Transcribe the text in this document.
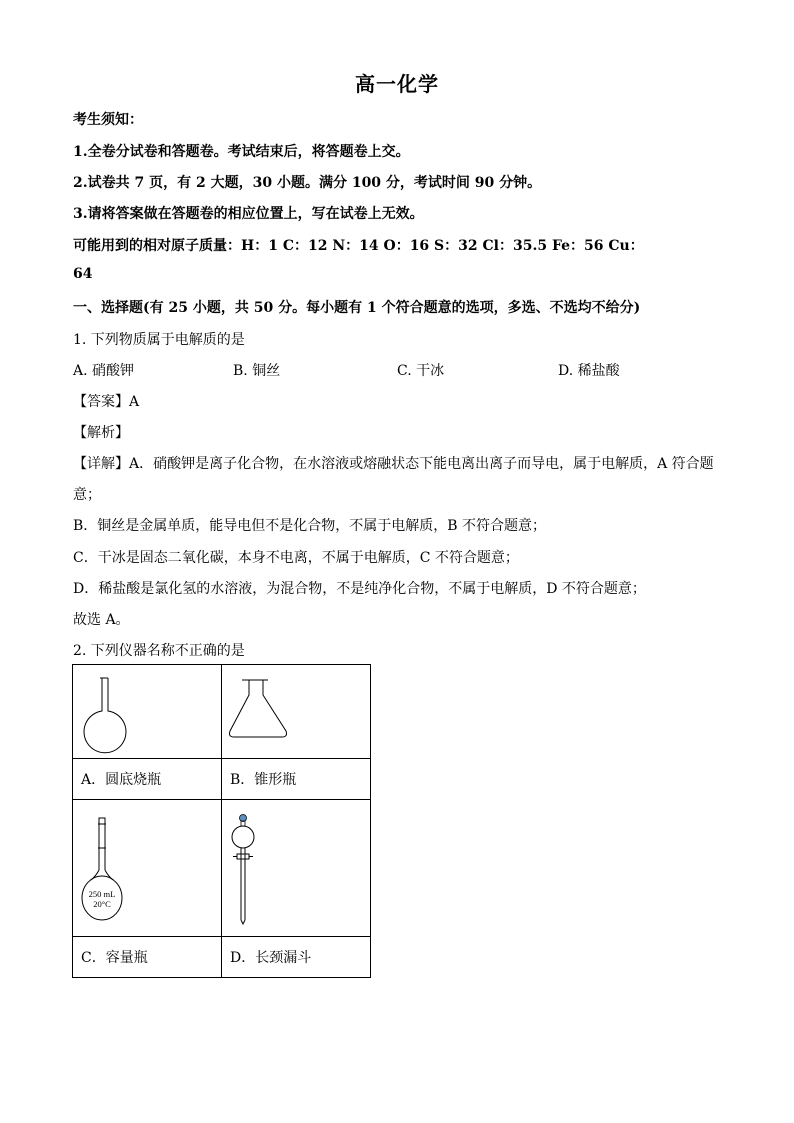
高一化学
考生须知：
1.全卷分试卷和答题卷。考试结束后，将答题卷上交。
2.试卷共 7 页，有 2 大题，30 小题。满分 100 分，考试时间 90 分钟。
3.请将答案做在答题卷的相应位置上，写在试卷上无效。
可能用到的相对原子质量：H：1 C：12 N：14 O：16 S：32 Cl：35.5 Fe：56 Cu：
64
一、选择题(有 25 小题，共 50 分。每小题有 1 个符合题意的选项，多选、不选均不给分)
1. 下列物质属于电解质的是
A. 硝酸钾	B. 铜丝	C. 干冰	D. 稀盐酸
【答案】A
【解析】
【详解】A．硝酸钾是离子化合物，在水溶液或熔融状态下能电离出离子而导电，属于电解质，A 符合题
意；
B．铜丝是金属单质，能导电但不是化合物，不属于电解质，B 不符合题意；
C．干冰是固态二氧化碳，本身不电离，不属于电解质，C 不符合题意；
D．稀盐酸是氯化氢的水溶液，为混合物，不是纯净化合物，不属于电解质，D 不符合题意；
故选 A。
2. 下列仪器名称不正确的是

A．圆底烧瓶	B．锥形瓶

250 mL
20°C

C．容量瓶	D．长颈漏斗
